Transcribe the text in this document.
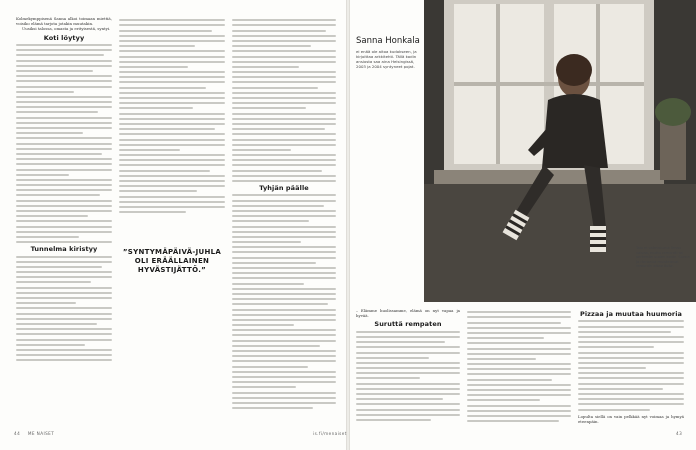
Kolmekymppisenä Sanna alkoi toimaan miettiä, voisiko elämä tarjota jotakin muutakin.

Uusiksi talossa, omasta ja erityisestä, syntyi.

Koti löytyy
Tunnelma kiristyy	”SYNTYMÄPÄIVÄ-JUHLA OLI ERÄÄLLAINEN HYVÄSTIJÄTTÖ.”
Tyhjän päälle
Sanna Honkala
ei enää ole aitoa kudokseen, ja kirjoittaa arkkitehti. Tällä kodin ansiosta saa aina Helsingissä, 2003 ja 2004 syntyneet pojat.
Talo ei valmistunut ilman vaivaa, mutta remontti toi perheelle uuden kodin. Sanna ja Honkalat muistelevat remontin aikaa ilolla.

– Elämme huolissamme, elämä on nyt vapaa ja hyvää.

Suruttä rempaten
Pizzaa ja muutaa huumoria

Lopulta siellä on vain pelkkää nyt voimaa ja hymyä eteenpäin.

44 ME NAISET	is.fi/menaiset	43
